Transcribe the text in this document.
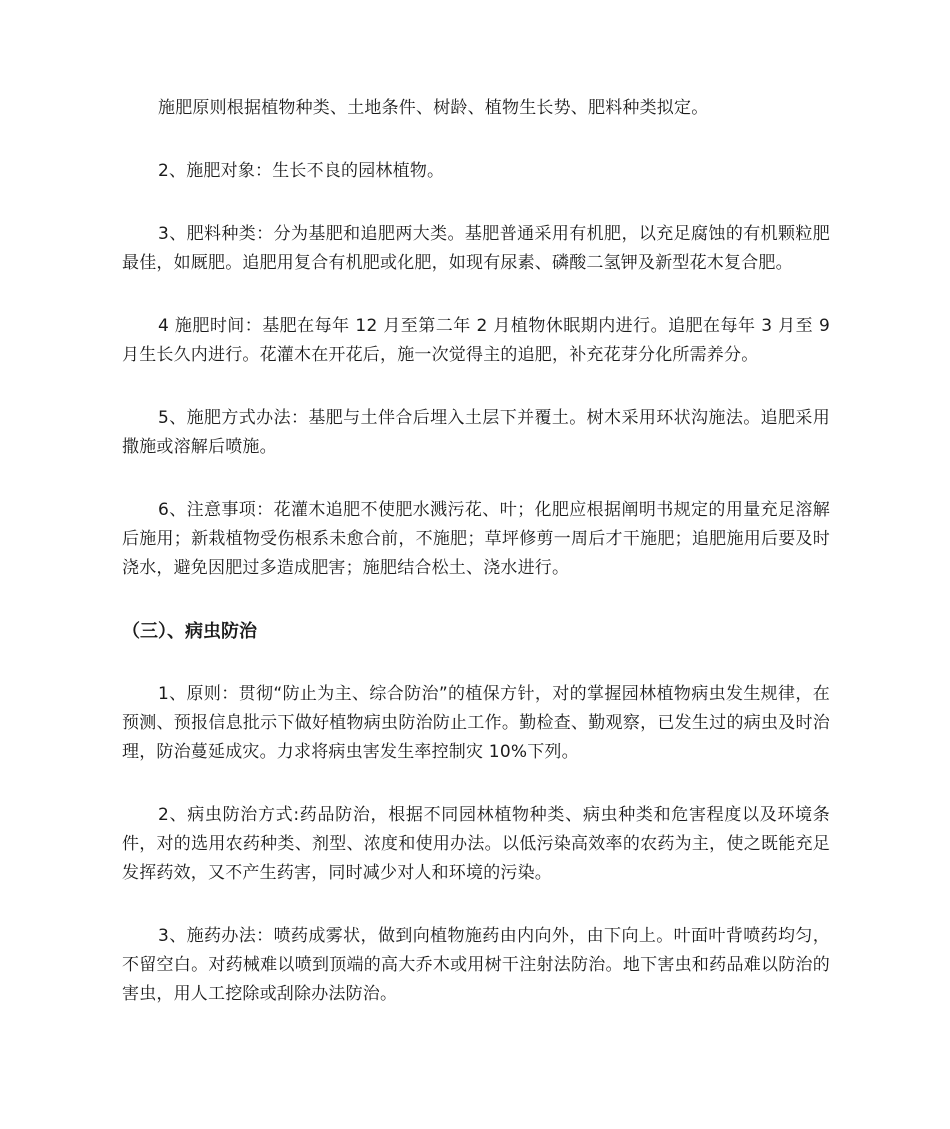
施肥原则根据植物种类、土地条件、树龄、植物生长势、肥料种类拟定。

2、施肥对象：生长不良的园林植物。

3、肥料种类：分为基肥和追肥两大类。基肥普通采用有机肥，以充足腐蚀的有机颗粒肥最佳，如厩肥。追肥用复合有机肥或化肥，如现有尿素、磷酸二氢钾及新型花木复合肥。

4 施肥时间：基肥在每年 12 月至第二年 2 月植物休眠期内进行。追肥在每年 3 月至 9 月生长久内进行。花灌木在开花后，施一次觉得主的追肥，补充花芽分化所需养分。

5、施肥方式办法：基肥与土伴合后埋入土层下并覆土。树木采用环状沟施法。追肥采用撒施或溶解后喷施。

6、注意事项：花灌木追肥不使肥水溅污花、叶；化肥应根据阐明书规定的用量充足溶解后施用；新栽植物受伤根系未愈合前，不施肥；草坪修剪一周后才干施肥；追肥施用后要及时浇水，避免因肥过多造成肥害；施肥结合松土、浇水进行。

（三）、病虫防治

1、原则：贯彻“防止为主、综合防治”的植保方针，对的掌握园林植物病虫发生规律，在预测、预报信息批示下做好植物病虫防治防止工作。勤检查、勤观察，已发生过的病虫及时治理，防治蔓延成灾。力求将病虫害发生率控制灾 10%下列。

2、病虫防治方式:药品防治，根据不同园林植物种类、病虫种类和危害程度以及环境条件，对的选用农药种类、剂型、浓度和使用办法。以低污染高效率的农药为主，使之既能充足发挥药效，又不产生药害，同时减少对人和环境的污染。

3、施药办法：喷药成雾状，做到向植物施药由内向外，由下向上。叶面叶背喷药均匀，不留空白。对药械难以喷到顶端的高大乔木或用树干注射法防治。地下害虫和药品难以防治的害虫，用人工挖除或刮除办法防治。
